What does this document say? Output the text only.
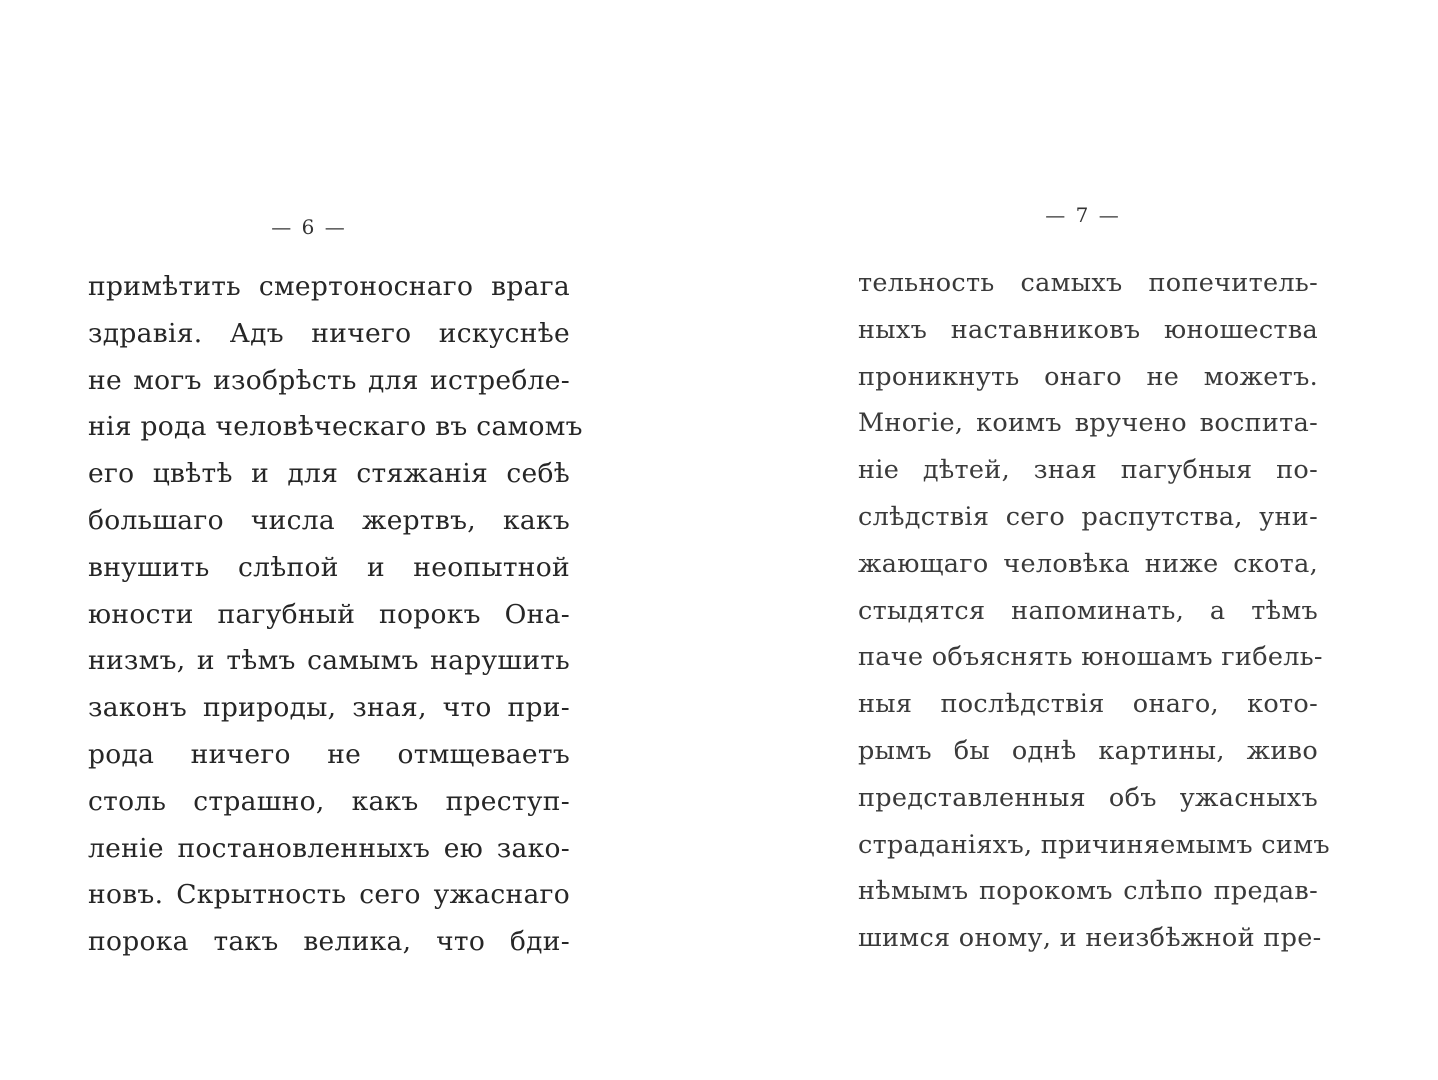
— 6 —
примѣтить смертоноснаго врага
здравія. Адъ ничего искуснѣе
не могъ изобрѣсть для истребле-
нія рода человѣческаго въ самомъ
его цвѣтѣ и для стяжанія себѣ
большаго числа жертвъ, какъ
внушить слѣпой и неопытной
юности пагубный порокъ Она-
низмъ, и тѣмъ самымъ нарушить
законъ природы, зная, что при-
рода ничего не отмщеваетъ
столь страшно, какъ преступ-
леніе постановленныхъ ею зако-
новъ. Скрытность сего ужаснаго
порока такъ велика, что бди-
— 7 —
тельность самыхъ попечитель-
ныхъ наставниковъ юношества
проникнуть онаго не можетъ.
Многіе, коимъ вручено воспита-
ніе дѣтей, зная пагубныя по-
слѣдствія сего распутства, уни-
жающаго человѣка ниже скота,
стыдятся напоминать, а тѣмъ
паче объяснять юношамъ гибель-
ныя послѣдствія онаго, кото-
рымъ бы однѣ картины, живо
представленныя объ ужасныхъ
страданіяхъ, причиняемымъ симъ
нѣмымъ порокомъ слѣпо предав-
шимся оному, и неизбѣжной пре-
